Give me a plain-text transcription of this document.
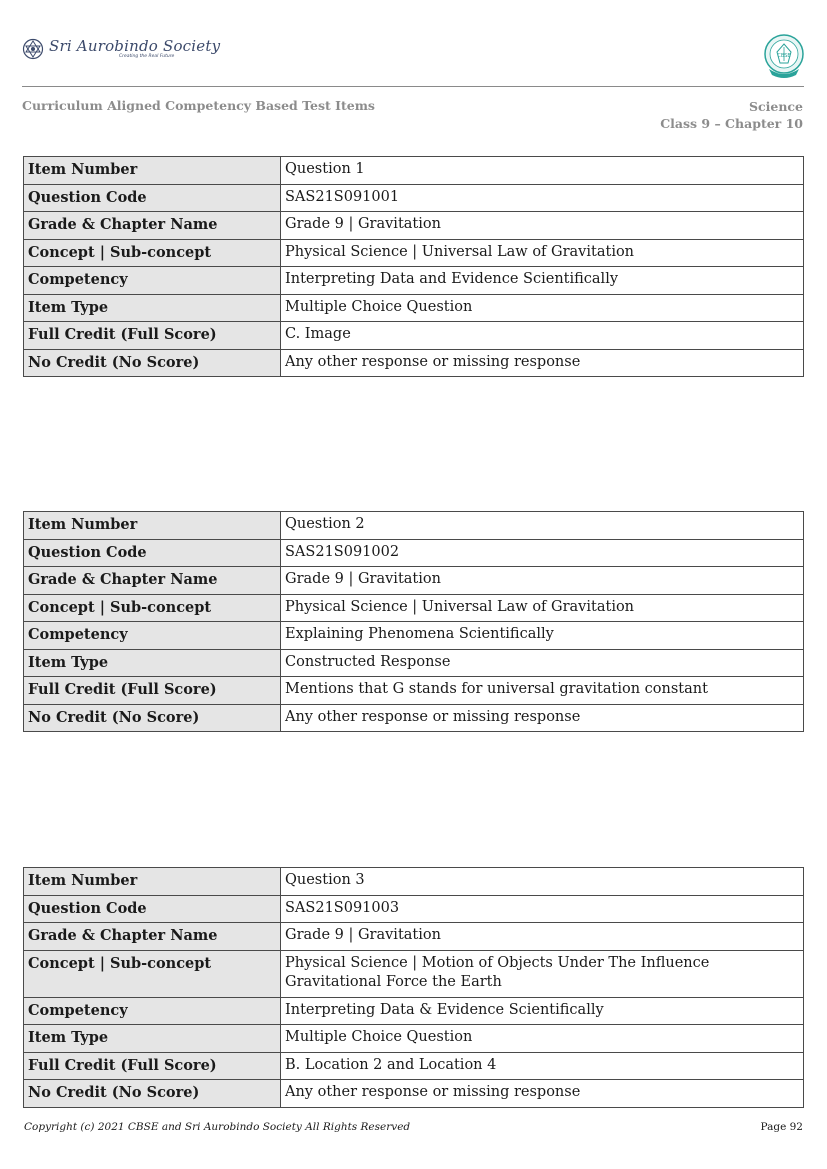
Sri Aurobindo Society
Creating the Real Future	CBSE
Curriculum Aligned Competency Based Test Items	Science
Class 9 – Chapter 10
Item Number	Question 1
Question Code	SAS21S091001
Grade & Chapter Name	Grade 9 | Gravitation
Concept | Sub-concept	Physical Science | Universal Law of Gravitation
Competency	Interpreting Data and Evidence Scientifically
Item Type	Multiple Choice Question
Full Credit (Full Score)	C. Image
No Credit (No Score)	Any other response or missing response
Item Number	Question 2
Question Code	SAS21S091002
Grade & Chapter Name	Grade 9 | Gravitation
Concept | Sub-concept	Physical Science | Universal Law of Gravitation
Competency	Explaining Phenomena Scientifically
Item Type	Constructed Response
Full Credit (Full Score)	Mentions that G stands for universal gravitation constant
No Credit (No Score)	Any other response or missing response
Item Number	Question 3
Question Code	SAS21S091003
Grade & Chapter Name	Grade 9 | Gravitation
Concept | Sub-concept	Physical Science | Motion of Objects Under The Influence Gravitational Force the Earth
Competency	Interpreting Data & Evidence Scientifically
Item Type	Multiple Choice Question
Full Credit (Full Score)	B. Location 2 and Location 4
No Credit (No Score)	Any other response or missing response
Copyright (c) 2021 CBSE and Sri Aurobindo Society All Rights Reserved	Page 92
